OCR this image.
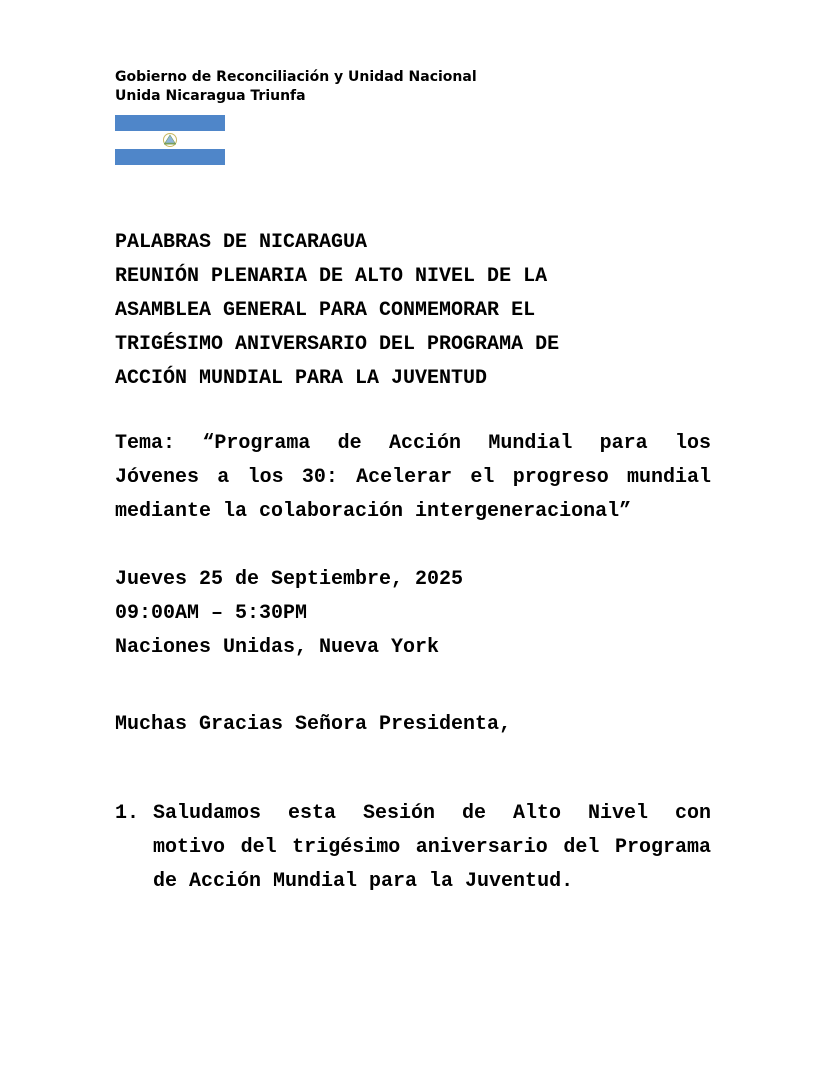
Gobierno de Reconciliación y Unidad Nacional
Unida Nicaragua Triunfa
PALABRAS DE NICARAGUA
REUNIÓN PLENARIA DE ALTO NIVEL DE LA
ASAMBLEA GENERAL PARA CONMEMORAR EL
TRIGÉSIMO ANIVERSARIO DEL PROGRAMA DE
ACCIÓN MUNDIAL PARA LA JUVENTUD
Tema: “Programa de Acción Mundial para los
Jóvenes a los 30: Acelerar el progreso mundial
mediante la colaboración intergeneracional”
Jueves 25 de Septiembre, 2025
09:00AM – 5:30PM
Naciones Unidas, Nueva York
Muchas Gracias Señora Presidenta,
1. Saludamos esta Sesión de Alto Nivel con
motivo del trigésimo aniversario del Programa
de Acción Mundial para la Juventud.
